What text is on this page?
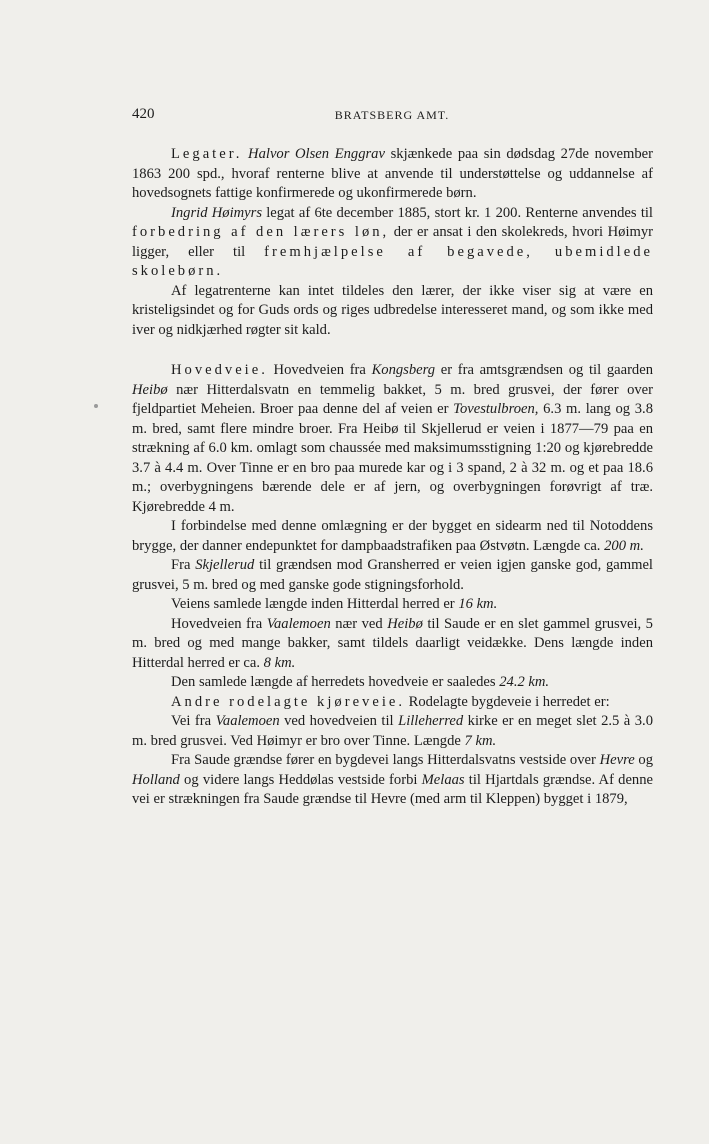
420	BRATSBERG AMT.

Legater. Halvor Olsen Enggrav skjænkede paa sin dødsdag 27de november 1863 200 spd., hvoraf renterne blive at anvende til understøttelse og uddannelse af hovedsognets fattige konfirmerede og ukonfirmerede børn.

Ingrid Høimyrs legat af 6te december 1885, stort kr. 1 200. Renterne anvendes til forbedring af den lærers løn, der er ansat i den skolekreds, hvori Høimyr ligger, eller til fremhjælpelse af begavede, ubemidlede skolebørn.

Af legatrenterne kan intet tildeles den lærer, der ikke viser sig at være en kristeligsindet og for Guds ords og riges udbredelse interesseret mand, og som ikke med iver og nidkjærhed røgter sit kald.

Hovedveie. Hovedveien fra Kongsberg er fra amtsgrændsen og til gaarden Heibø nær Hitterdalsvatn en temmelig bakket, 5 m. bred grusvei, der fører over fjeldpartiet Meheien. Broer paa denne del af veien er Tovestulbroen, 6.3 m. lang og 3.8 m. bred, samt flere mindre broer. Fra Heibø til Skjellerud er veien i 1877—79 paa en strækning af 6.0 km. omlagt som chaussée med maksimumsstigning 1:20 og kjørebredde 3.7 à 4.4 m. Over Tinne er en bro paa murede kar og i 3 spand, 2 à 32 m. og et paa 18.6 m.; overbygningens bærende dele er af jern, og overbygningen forøvrigt af træ. Kjørebredde 4 m.

I forbindelse med denne omlægning er der bygget en sidearm ned til Notoddens brygge, der danner endepunktet for dampbaadstrafiken paa Østvøtn. Længde ca. 200 m.

Fra Skjellerud til grændsen mod Gransherred er veien igjen ganske god, gammel grusvei, 5 m. bred og med ganske gode stigningsforhold.

Veiens samlede længde inden Hitterdal herred er 16 km.

Hovedveien fra Vaalemoen nær ved Heibø til Saude er en slet gammel grusvei, 5 m. bred og med mange bakker, samt tildels daarligt veidække. Dens længde inden Hitterdal herred er ca. 8 km.

Den samlede længde af herredets hovedveie er saaledes 24.2 km.

Andre rodelagte kjøreveie. Rodelagte bygdeveie i herredet er:

Vei fra Vaalemoen ved hovedveien til Lilleherred kirke er en meget slet 2.5 à 3.0 m. bred grusvei. Ved Høimyr er bro over Tinne. Længde 7 km.

Fra Saude grændse fører en bygdevei langs Hitterdalsvatns vestside over Hevre og Holland og videre langs Heddølas vestside forbi Melaas til Hjartdals grændse. Af denne vei er strækningen fra Saude grændse til Hevre (med arm til Kleppen) bygget i 1879,
